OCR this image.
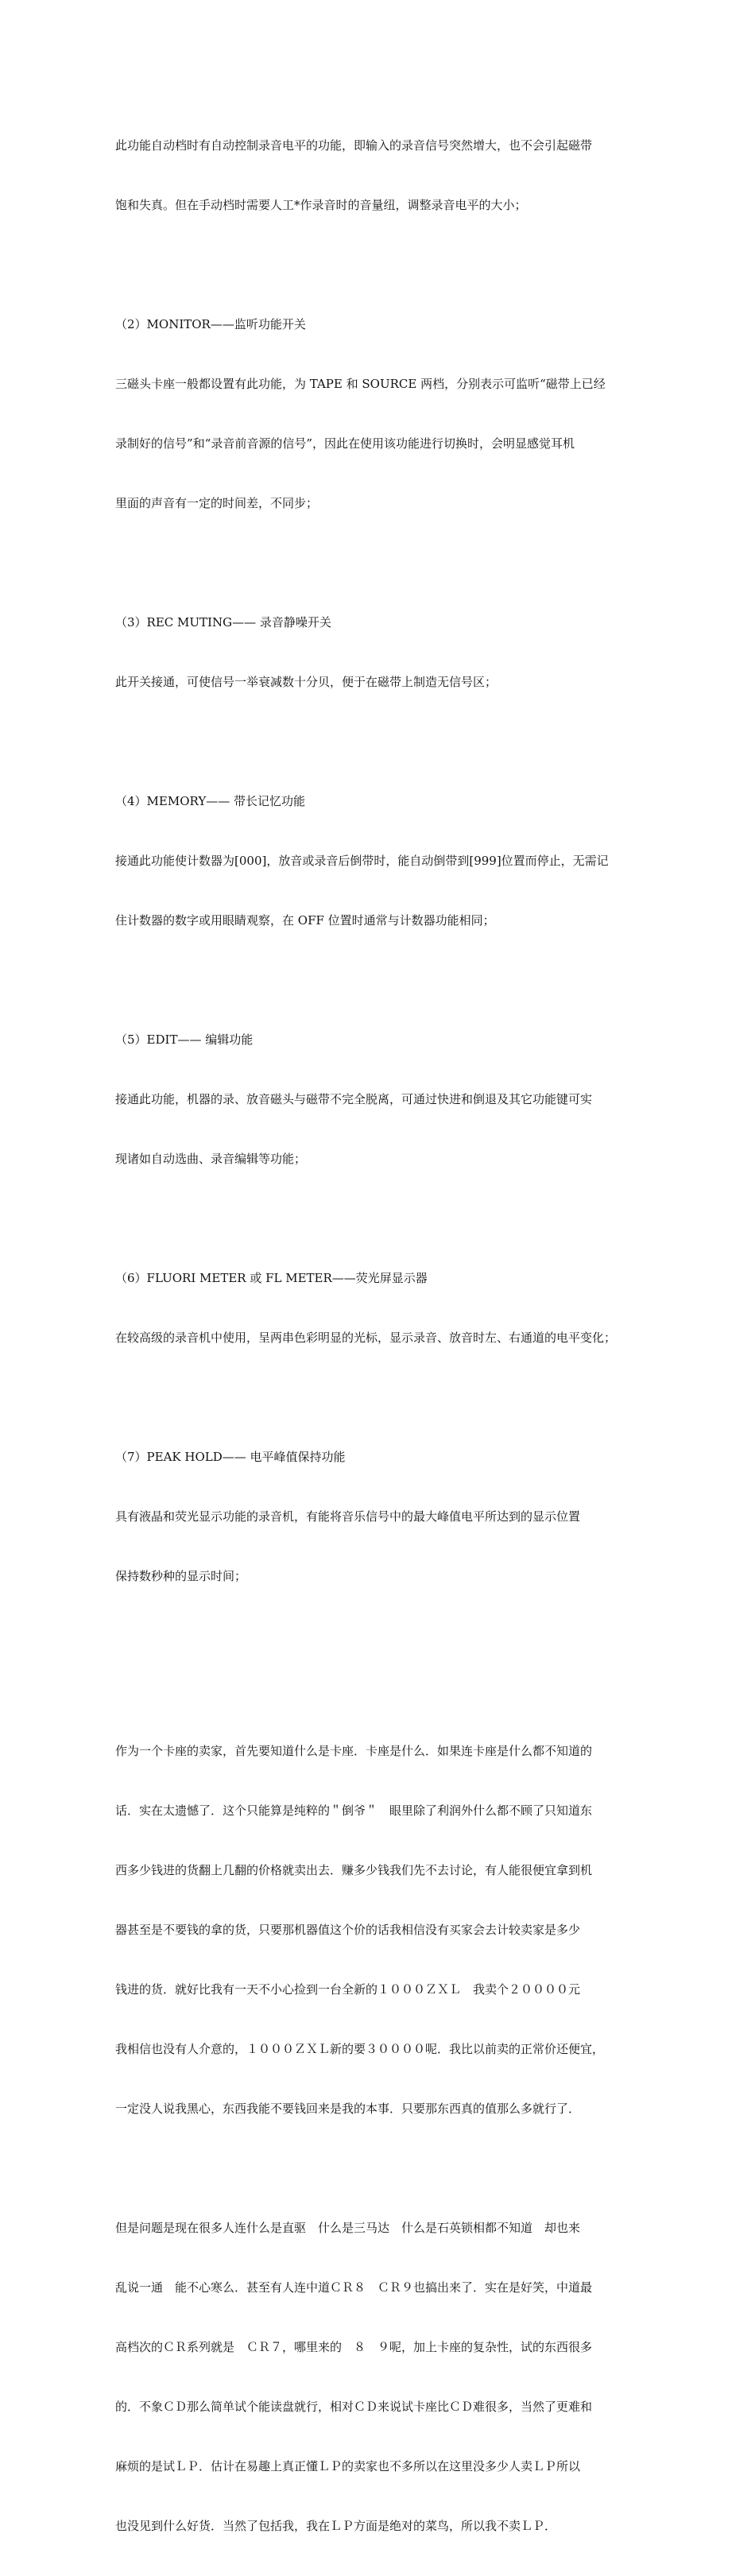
此功能自动档时有自动控制录音电平的功能，即输入的录音信号突然增大，也不会引起磁带

饱和失真。但在手动档时需要人工*作录音时的音量纽，调整录音电平的大小；

（2）MONITOR——监听功能开关

三磁头卡座一般都设置有此功能，为 TAPE 和 SOURCE 两档，分别表示可监听“磁带上已经

录制好的信号”和“录音前音源的信号”，因此在使用该功能进行切换时，会明显感觉耳机

里面的声音有一定的时间差，不同步；

（3）REC MUTING—— 录音静噪开关

此开关接通，可使信号一举衰减数十分贝，便于在磁带上制造无信号区；

（4）MEMORY—— 带长记忆功能

接通此功能使计数器为[000]，放音或录音后倒带时，能自动倒带到[999]位置而停止，无需记

住计数器的数字或用眼睛观察，在 OFF 位置时通常与计数器功能相同；

（5）EDIT—— 编辑功能

接通此功能，机器的录、放音磁头与磁带不完全脱离，可通过快进和倒退及其它功能键可实

现诸如自动选曲、录音编辑等功能；

（6）FLUORI METER 或 FL METER——荧光屏显示器

在较高级的录音机中使用，呈两串色彩明显的光标，显示录音、放音时左、右通道的电平变化；

（7）PEAK HOLD—— 电平峰值保持功能

具有液晶和荧光显示功能的录音机，有能将音乐信号中的最大峰值电平所达到的显示位置

保持数秒种的显示时间；

作为一个卡座的卖家，首先要知道什么是卡座．卡座是什么．如果连卡座是什么都不知道的

话．实在太遗憾了．这个只能算是纯粹的＂倒爷＂　眼里除了利润外什么都不顾了只知道东

西多少钱进的货翻上几翻的价格就卖出去．赚多少钱我们先不去讨论，有人能很便宜拿到机

器甚至是不要钱的拿的货，只要那机器值这个价的话我相信没有买家会去计较卖家是多少

钱进的货．就好比我有一天不小心捡到一台全新的１０００ＺＸＬ　我卖个２００００元

我相信也没有人介意的，１０００ＺＸＬ新的要３００００呢．我比以前卖的正常价还便宜，

一定没人说我黑心，东西我能不要钱回来是我的本事．只要那东西真的值那么多就行了．

但是问题是现在很多人连什么是直驱　什么是三马达　什么是石英锁相都不知道　却也来

乱说一通　能不心寒么．甚至有人连中道ＣＲ８　ＣＲ９也搞出来了．实在是好笑，中道最

高档次的ＣＲ系列就是　ＣＲ７，哪里来的　８　９呢，加上卡座的复杂性，试的东西很多

的．不象ＣＤ那么简单试个能读盘就行，相对ＣＤ来说试卡座比ＣＤ难很多，当然了更难和

麻烦的是试ＬＰ．估计在易趣上真正懂ＬＰ的卖家也不多所以在这里没多少人卖ＬＰ所以

也没见到什么好货．当然了包括我，我在ＬＰ方面是绝对的菜鸟，所以我不卖ＬＰ．
